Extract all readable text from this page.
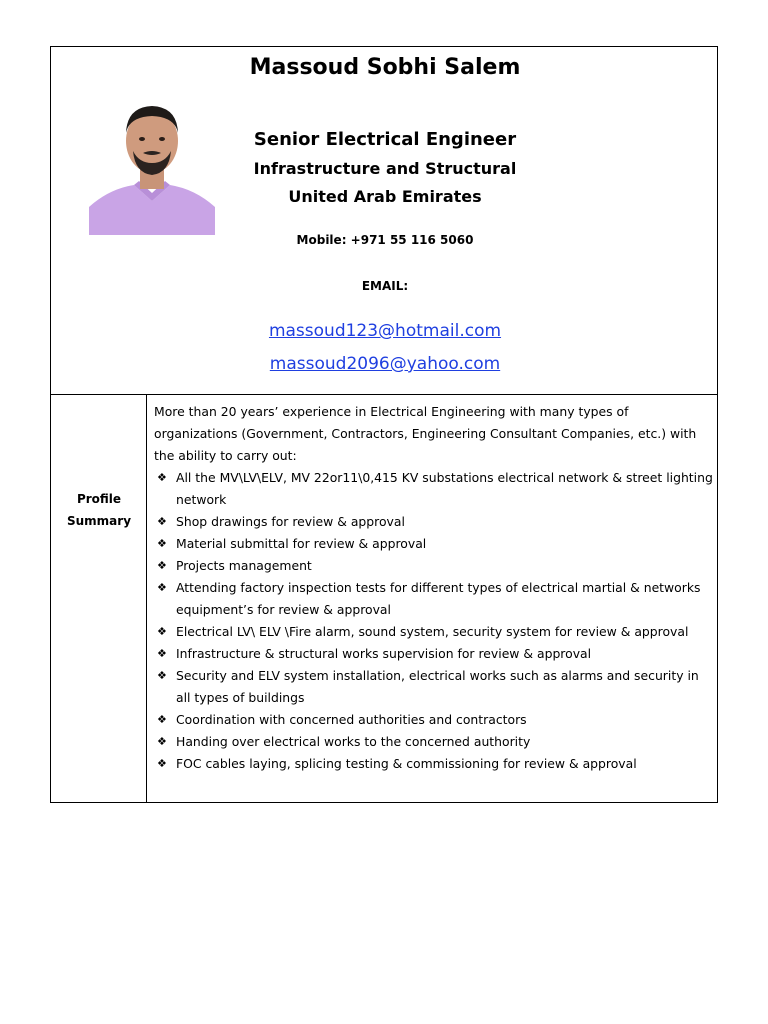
Massoud Sobhi Salem
Senior Electrical Engineer
Infrastructure and Structural
United Arab Emirates
Mobile: +971 55 116 5060
EMAIL:
massoud123@hotmail.com
massoud2096@yahoo.com
Profile
Summary

More than 20 years’ experience in Electrical Engineering with many types of organizations (Government, Contractors, Engineering Consultant Companies, etc.) with the ability to carry out:

❖ All the MV\LV\ELV, MV 22or11\0,415 KV substations electrical network & street lighting network
❖ Shop drawings for review & approval
❖ Material submittal for review & approval
❖ Projects management
❖ Attending factory inspection tests for different types of electrical martial & networks equipment’s for review & approval
❖ Electrical LV\ ELV \Fire alarm, sound system, security system for review & approval
❖ Infrastructure & structural works supervision for review & approval
❖ Security and ELV system installation, electrical works such as alarms and security in all types of buildings
❖ Coordination with concerned authorities and contractors
❖ Handing over electrical works to the concerned authority
❖ FOC cables laying, splicing testing & commissioning for review & approval
